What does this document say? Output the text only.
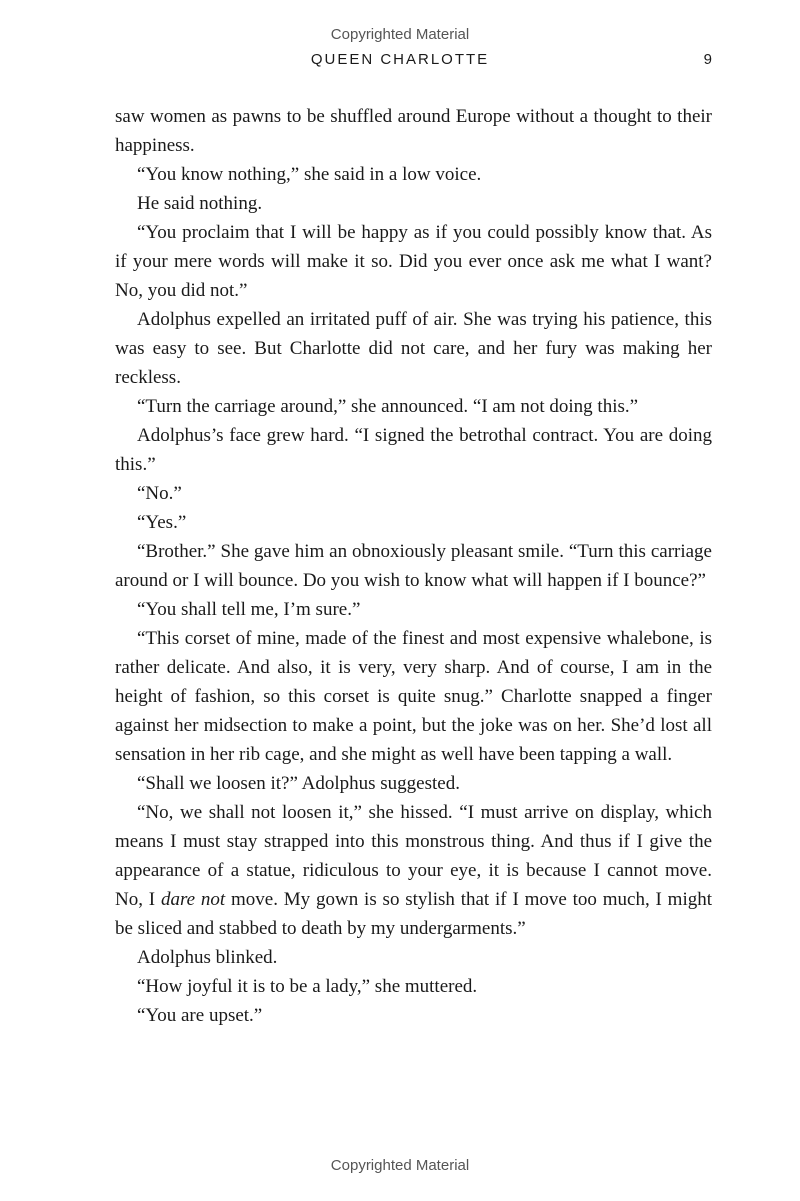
Copyrighted Material
QUEEN CHARLOTTE	9

saw women as pawns to be shuffled around Europe without a thought to their happiness.

“You know nothing,” she said in a low voice.

He said nothing.

“You proclaim that I will be happy as if you could possibly know that. As if your mere words will make it so. Did you ever once ask me what I want? No, you did not.”

Adolphus expelled an irritated puff of air. She was trying his patience, this was easy to see. But Charlotte did not care, and her fury was making her reckless.

“Turn the carriage around,” she announced. “I am not doing this.”

Adolphus’s face grew hard. “I signed the betrothal contract. You are doing this.”

“No.”

“Yes.”

“Brother.” She gave him an obnoxiously pleasant smile. “Turn this carriage around or I will bounce. Do you wish to know what will happen if I bounce?”

“You shall tell me, I’m sure.”

“This corset of mine, made of the finest and most expensive whalebone, is rather delicate. And also, it is very, very sharp. And of course, I am in the height of fashion, so this corset is quite snug.” Charlotte snapped a finger against her midsection to make a point, but the joke was on her. She’d lost all sensation in her rib cage, and she might as well have been tapping a wall.

“Shall we loosen it?” Adolphus suggested.

“No, we shall not loosen it,” she hissed. “I must arrive on display, which means I must stay strapped into this monstrous thing. And thus if I give the appearance of a statue, ridiculous to your eye, it is because I cannot move. No, I dare not move. My gown is so stylish that if I move too much, I might be sliced and stabbed to death by my undergarments.”

Adolphus blinked.

“How joyful it is to be a lady,” she muttered.

“You are upset.”

Copyrighted Material
